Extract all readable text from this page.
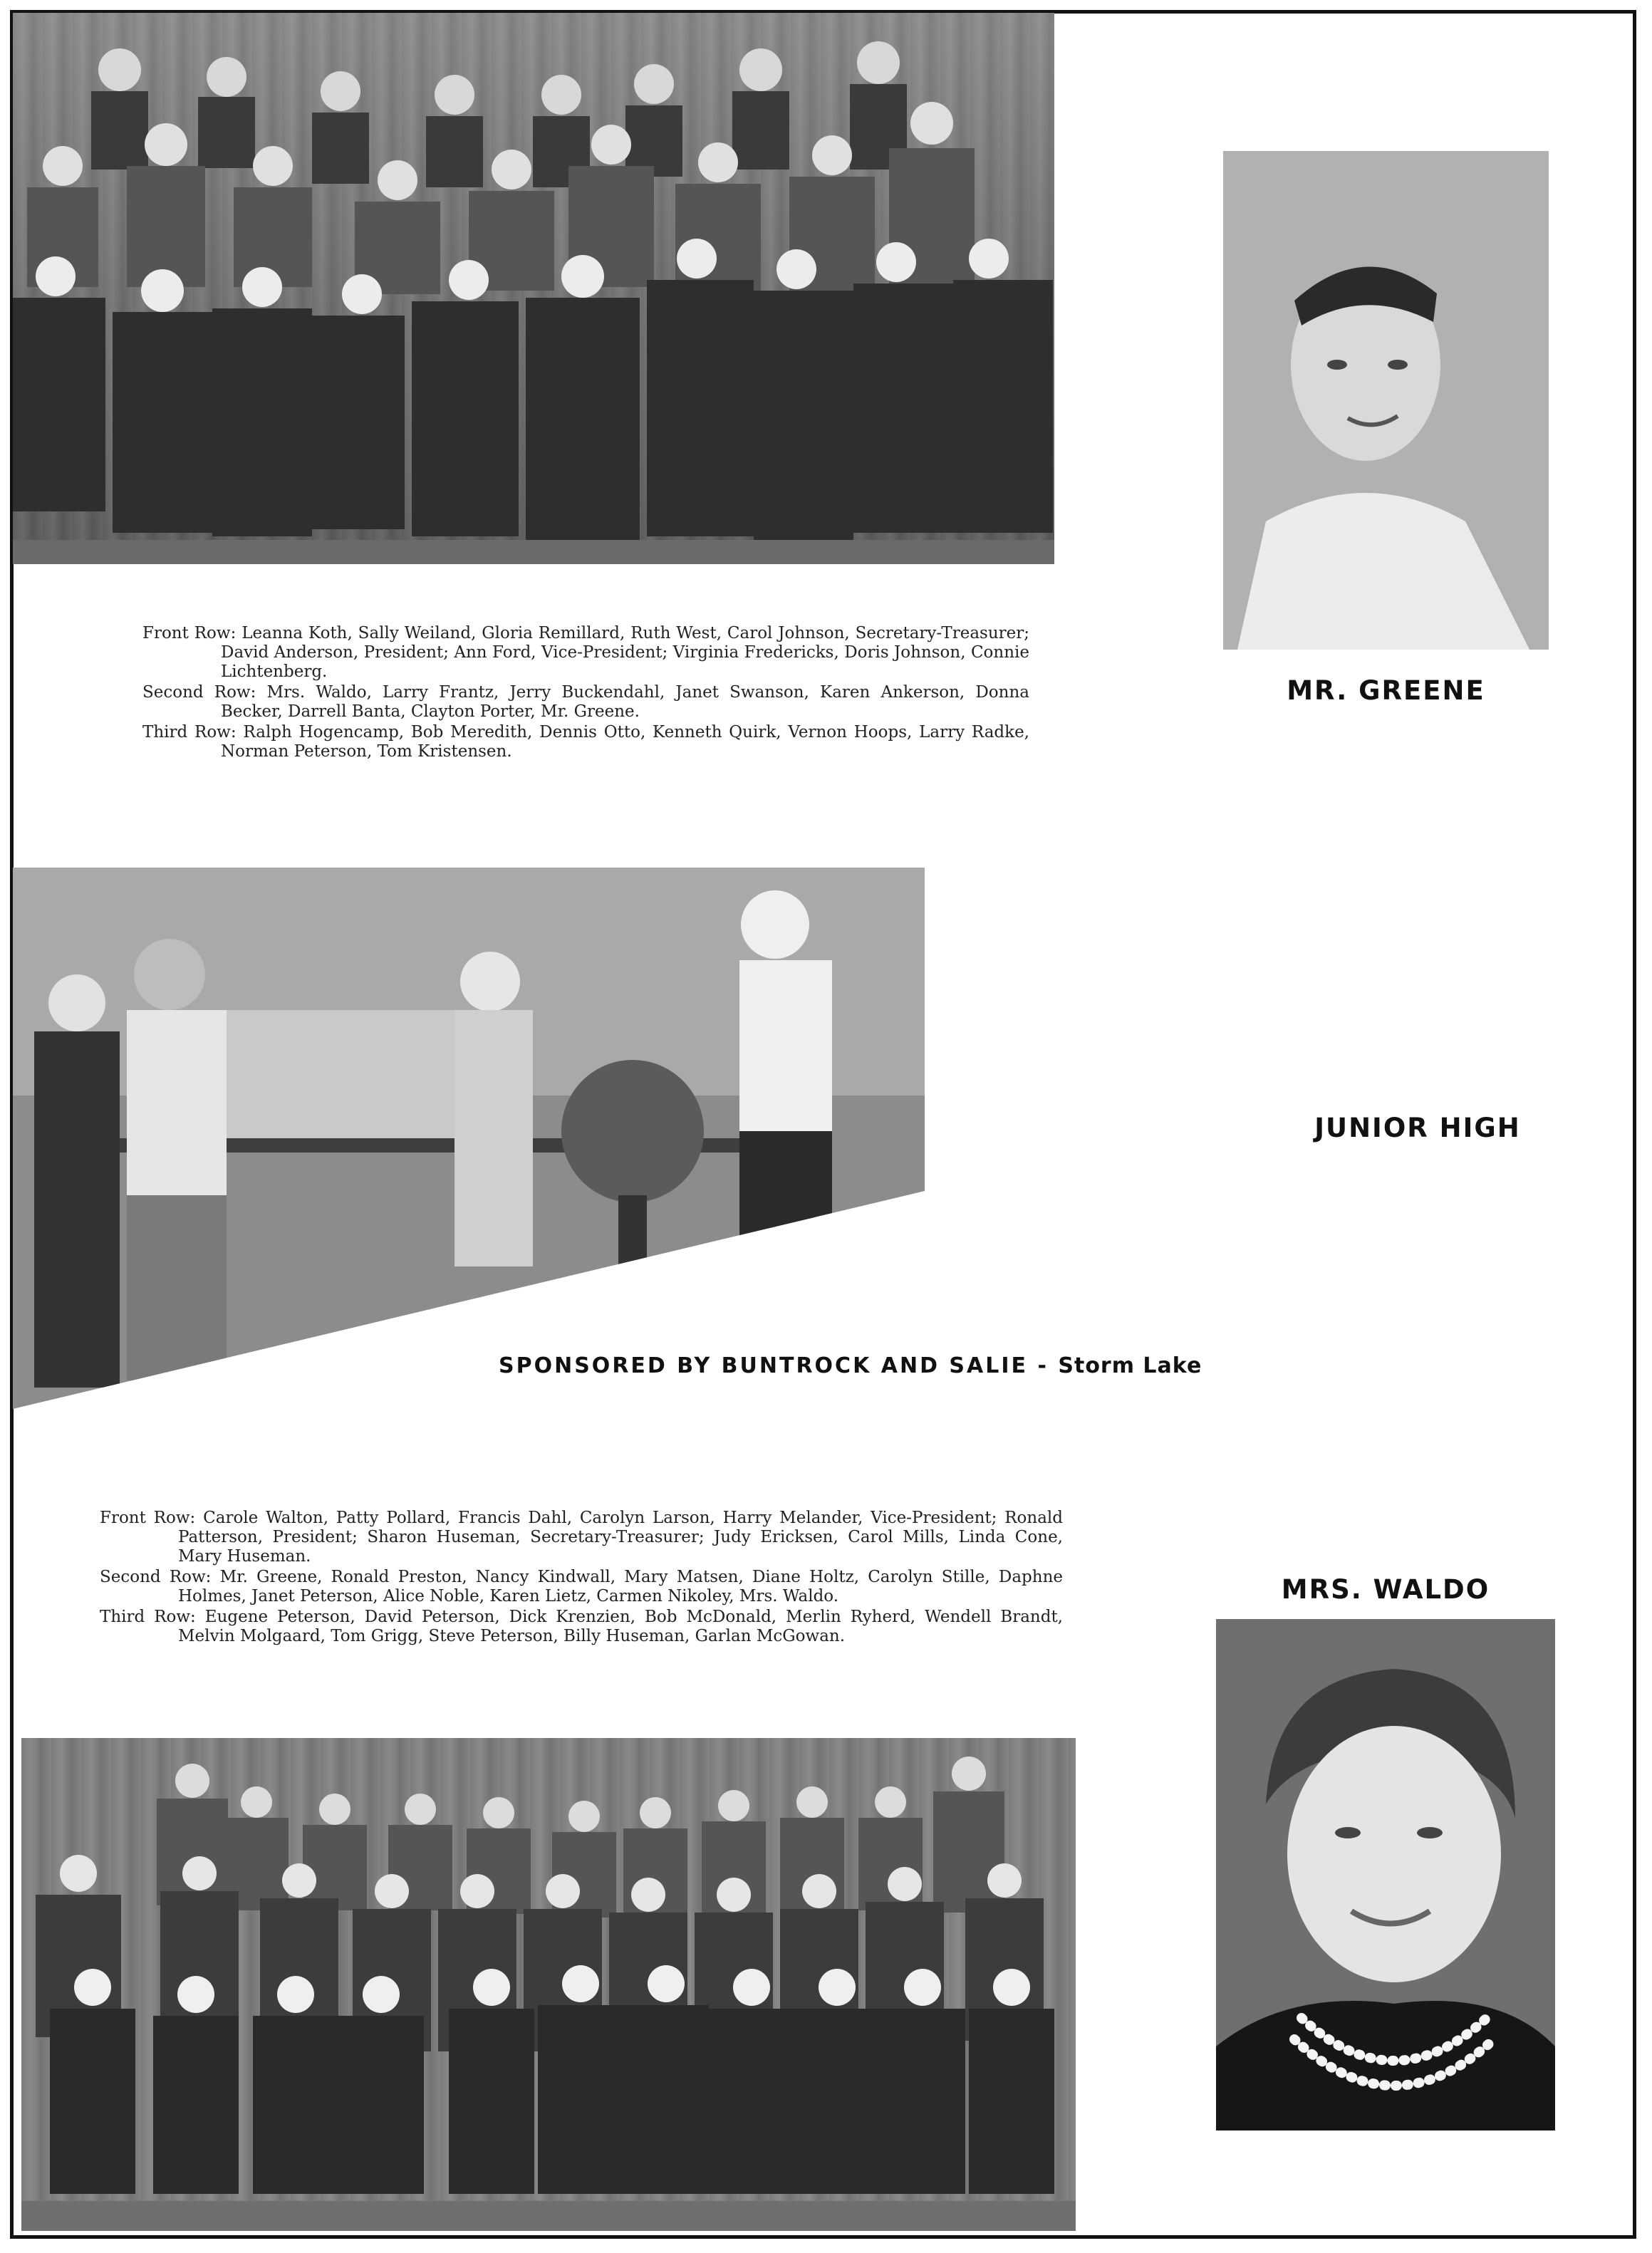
Front Row: Leanna Koth, Sally Weiland, Gloria Remillard, Ruth West, Carol Johnson, Secretary-Treasurer; David Anderson, President; Ann Ford, Vice-President; Virginia Fredericks, Doris Johnson, Connie Lichtenberg.

Second Row: Mrs. Waldo, Larry Frantz, Jerry Buckendahl, Janet Swanson, Karen Ankerson, Donna Becker, Darrell Banta, Clayton Porter, Mr. Greene.

Third Row: Ralph Hogencamp, Bob Meredith, Dennis Otto, Kenneth Quirk, Vernon Hoops, Larry Radke, Norman Peterson, Tom Kristensen.

MR. GREENE
JUNIOR HIGH
SPONSORED BY BUNTROCK AND SALIE - Storm Lake

Front Row: Carole Walton, Patty Pollard, Francis Dahl, Carolyn Larson, Harry Melander, Vice-President; Ronald Patterson, President; Sharon Huseman, Secretary-Treasurer; Judy Ericksen, Carol Mills, Linda Cone, Mary Huseman.

Second Row: Mr. Greene, Ronald Preston, Nancy Kindwall, Mary Matsen, Diane Holtz, Carolyn Stille, Daphne Holmes, Janet Peterson, Alice Noble, Karen Lietz, Carmen Nikoley, Mrs. Waldo.

Third Row: Eugene Peterson, David Peterson, Dick Krenzien, Bob McDonald, Merlin Ryherd, Wendell Brandt, Melvin Molgaard, Tom Grigg, Steve Peterson, Billy Huseman, Garlan McGowan.

MRS. WALDO
